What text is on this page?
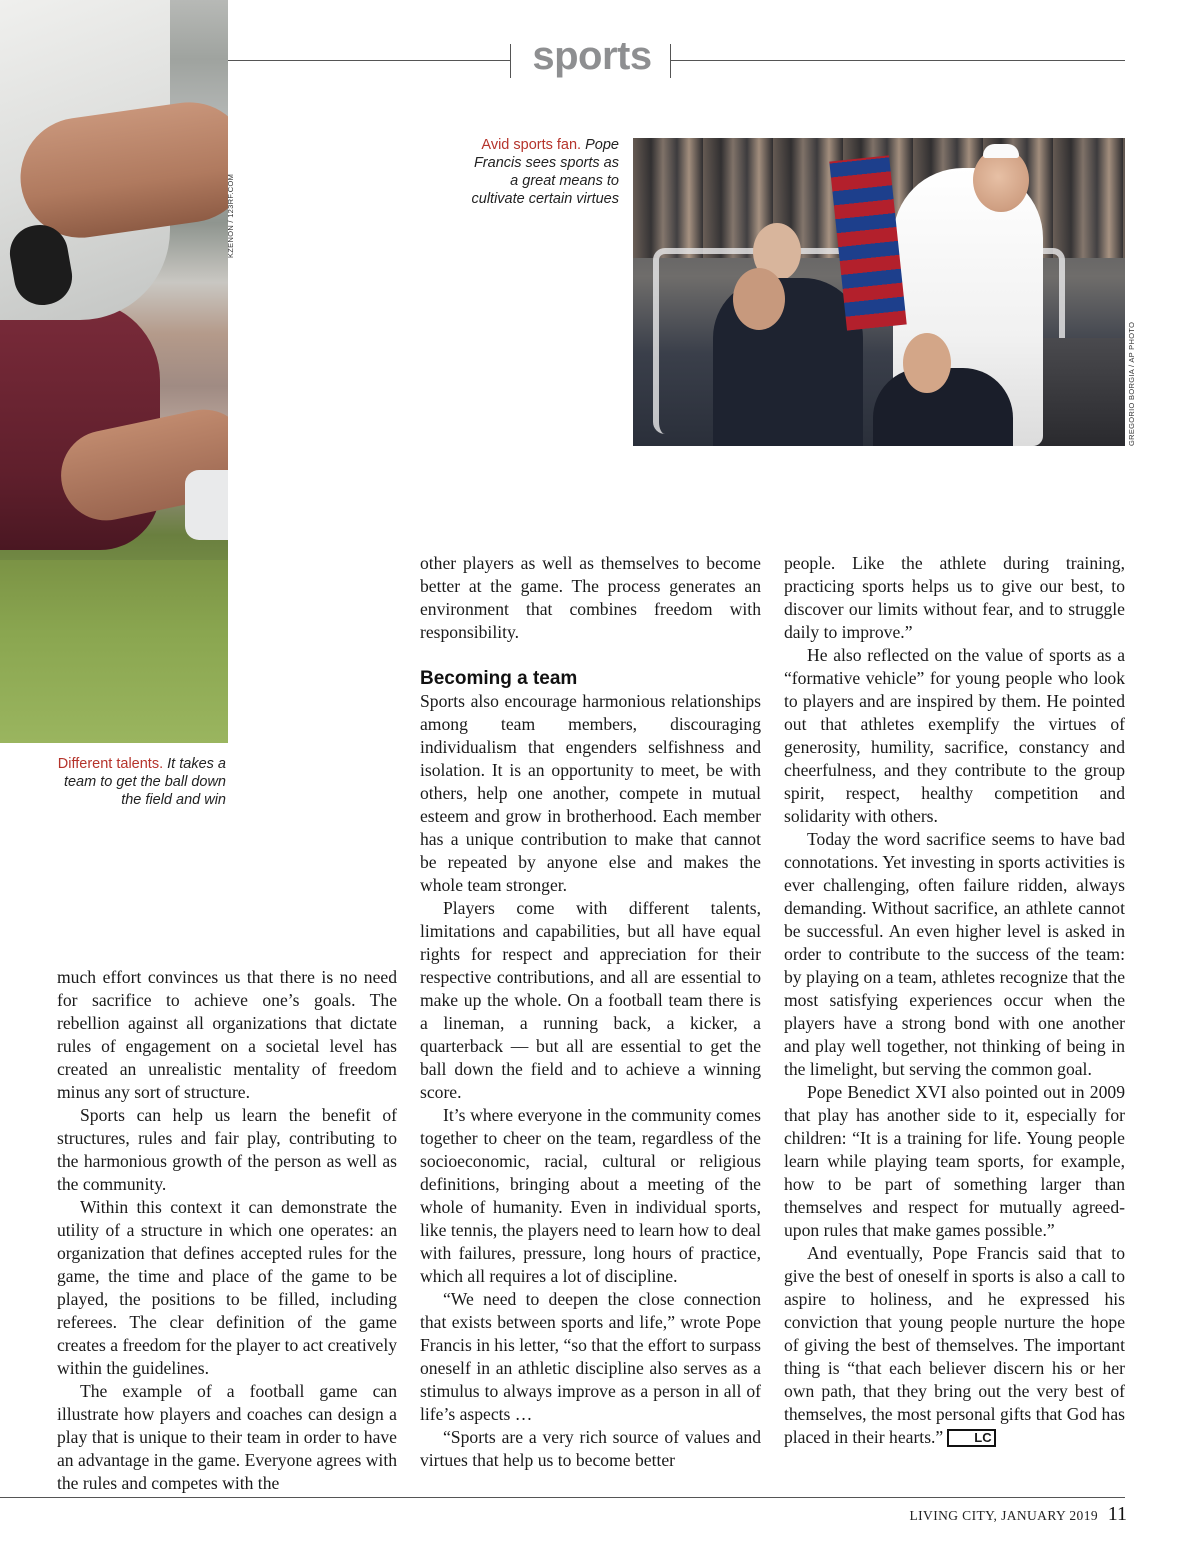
KZENON / 123RF.COM
sports
Avid sports fan. Pope Francis sees sports as a great means to cultivate certain virtues
GREGORIO BORGIA / AP PHOTO
Different talents. It takes a team to get the ball down the field and win

much effort convinces us that there is no need for sacrifice to achieve one’s goals. The rebellion against all organizations that dictate rules of engagement on a societal level has created an unrealistic mentality of freedom minus any sort of structure.

Sports can help us learn the benefit of structures, rules and fair play, contributing to the harmonious growth of the person as well as the community.

Within this context it can demonstrate the utility of a structure in which one operates: an organization that defines accepted rules for the game, the time and place of the game to be played, the positions to be filled, including referees. The clear definition of the game creates a freedom for the player to act creatively within the guidelines.

The example of a football game can illustrate how players and coaches can design a play that is unique to their team in order to have an advantage in the game. Everyone agrees with the rules and competes with the

other players as well as themselves to become better at the game. The process generates an environment that combines freedom with responsibility.

Becoming a team

Sports also encourage harmonious relationships among team members, discouraging individualism that engenders selfishness and isolation. It is an opportunity to meet, be with others, help one another, compete in mutual esteem and grow in brotherhood. Each member has a unique contribution to make that cannot be repeated by anyone else and makes the whole team stronger.

Players come with different talents, limitations and capabilities, but all have equal rights for respect and appreciation for their respective contributions, and all are essential to make up the whole. On a football team there is a lineman, a running back, a kicker, a quarterback — but all are essential to get the ball down the field and to achieve a winning score.

It’s where everyone in the community comes together to cheer on the team, regardless of the socioeconomic, racial, cultural or religious definitions, bringing about a meeting of the whole of humanity. Even in individual sports, like tennis, the players need to learn how to deal with failures, pressure, long hours of practice, which all requires a lot of discipline.

“We need to deepen the close connection that exists between sports and life,” wrote Pope Francis in his letter, “so that the effort to surpass oneself in an athletic discipline also serves as a stimulus to always improve as a person in all of life’s aspects …

“Sports are a very rich source of values and virtues that help us to become better

people. Like the athlete during training, practicing sports helps us to give our best, to discover our limits without fear, and to struggle daily to improve.”

He also reflected on the value of sports as a “formative vehicle” for young people who look to players and are inspired by them. He pointed out that athletes exemplify the virtues of generosity, humility, sacrifice, constancy and cheerfulness, and they contribute to the group spirit, respect, healthy competition and solidarity with others.

Today the word sacrifice seems to have bad connotations. Yet investing in sports activities is ever challenging, often failure ridden, always demanding. Without sacrifice, an athlete cannot be successful. An even higher level is asked in order to contribute to the success of the team: by playing on a team, athletes recognize that the most satisfying experiences occur when the players have a strong bond with one another and play well together, not thinking of being in the limelight, but serving the common goal.

Pope Benedict XVI also pointed out in 2009 that play has another side to it, especially for children: “It is a training for life. Young people learn while playing team sports, for example, how to be part of something larger than themselves and respect for mutually agreed-upon rules that make games possible.”

And eventually, Pope Francis said that to give the best of oneself in sports is also a call to aspire to holiness, and he expressed his conviction that young people nurture the hope of giving the best of themselves. The important thing is “that each believer discern his or her own path, that they bring out the very best of themselves, the most personal gifts that God has placed in their hearts.” LC

LIVING CITY, JANUARY 2019 11
